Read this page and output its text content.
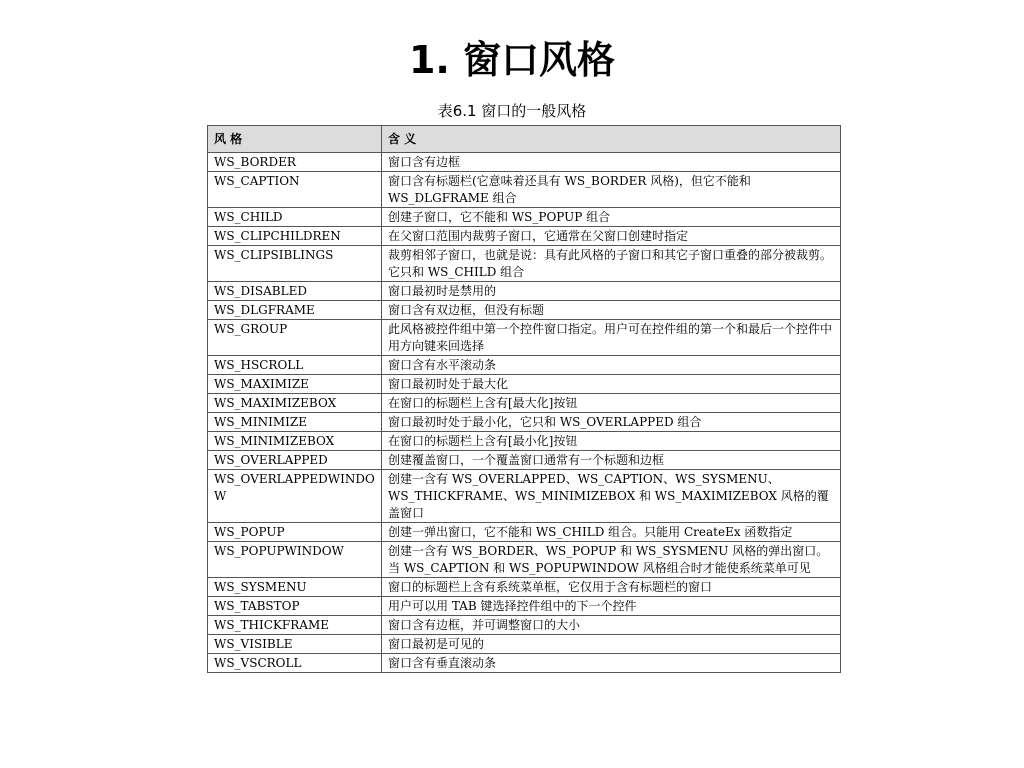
1. 窗口风格
表6.1 窗口的一般风格
风 格	含 义
WS_BORDER	窗口含有边框
WS_CAPTION	窗口含有标题栏(它意味着还具有 WS_BORDER 风格)，但它不能和 WS_DLGFRAME 组合
WS_CHILD	创建子窗口，它不能和 WS_POPUP 组合
WS_CLIPCHILDREN	在父窗口范围内裁剪子窗口，它通常在父窗口创建时指定
WS_CLIPSIBLINGS	裁剪相邻子窗口，也就是说：具有此风格的子窗口和其它子窗口重叠的部分被裁剪。它只和 WS_CHILD 组合
WS_DISABLED	窗口最初时是禁用的
WS_DLGFRAME	窗口含有双边框，但没有标题
WS_GROUP	此风格被控件组中第一个控件窗口指定。用户可在控件组的第一个和最后一个控件中用方向键来回选择
WS_HSCROLL	窗口含有水平滚动条
WS_MAXIMIZE	窗口最初时处于最大化
WS_MAXIMIZEBOX	在窗口的标题栏上含有[最大化]按钮
WS_MINIMIZE	窗口最初时处于最小化，它只和 WS_OVERLAPPED 组合
WS_MINIMIZEBOX	在窗口的标题栏上含有[最小化]按钮
WS_OVERLAPPED	创建覆盖窗口，一个覆盖窗口通常有一个标题和边框
WS_OVERLAPPEDWINDOW	创建一含有 WS_OVERLAPPED、WS_CAPTION、WS_SYSMENU、WS_THICKFRAME、WS_MINIMIZEBOX 和 WS_MAXIMIZEBOX 风格的覆盖窗口
WS_POPUP	创建一弹出窗口，它不能和 WS_CHILD 组合。只能用 CreateEx 函数指定
WS_POPUPWINDOW	创建一含有 WS_BORDER、WS_POPUP 和 WS_SYSMENU 风格的弹出窗口。当 WS_CAPTION 和 WS_POPUPWINDOW 风格组合时才能使系统菜单可见
WS_SYSMENU	窗口的标题栏上含有系统菜单框，它仅用于含有标题栏的窗口
WS_TABSTOP	用户可以用 TAB 键选择控件组中的下一个控件
WS_THICKFRAME	窗口含有边框，并可调整窗口的大小
WS_VISIBLE	窗口最初是可见的
WS_VSCROLL	窗口含有垂直滚动条
